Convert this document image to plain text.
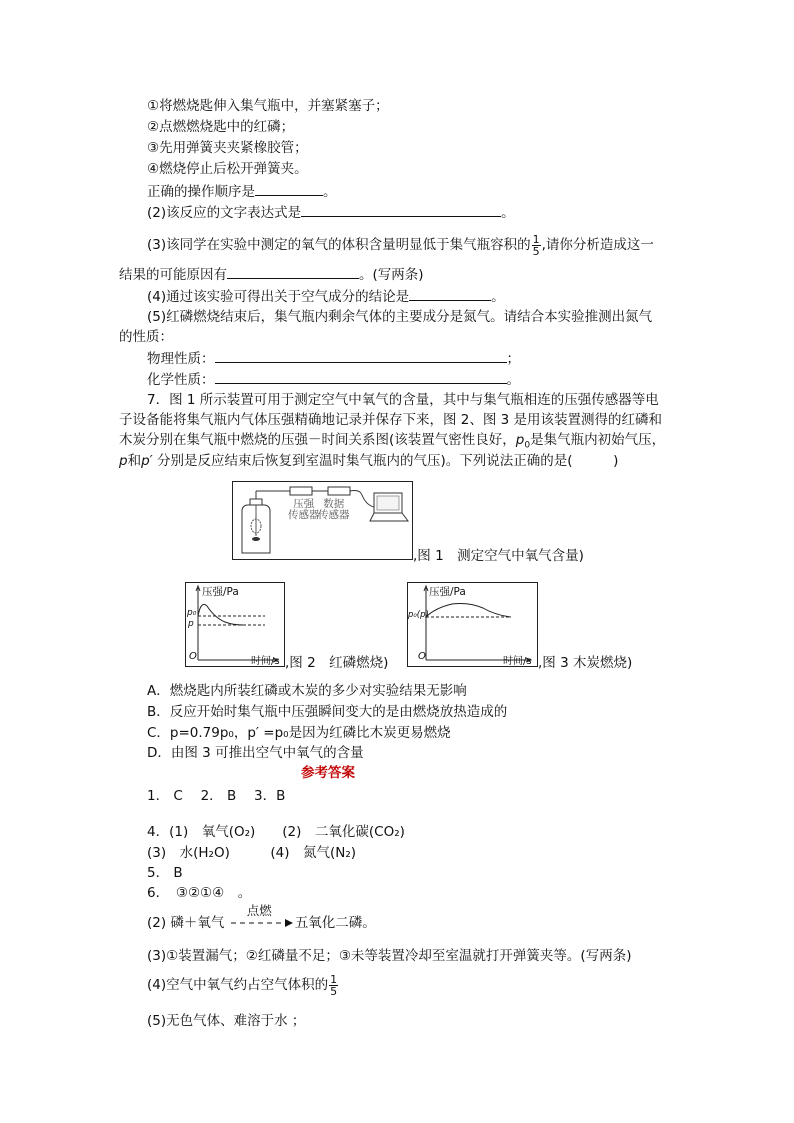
①将燃烧匙伸入集气瓶中，并塞紧塞子；
②点燃燃烧匙中的红磷；
③先用弹簧夹夹紧橡胶管；
④燃烧停止后松开弹簧夹。
正确的操作顺序是	。
(2)该反应的文字表达式是	。
(3)该同学在实验中测定的氧气的体积含量明显低于集气瓶容积的 $\frac{1}{5}$ ,请你分析造成这一
结果的可能原因有	。(写两条)
(4)通过该实验可得出关于空气成分的结论是	。
(5)红磷燃烧结束后，集气瓶内剩余气体的主要成分是氮气。请结合本实验推测出氮气
的性质：
物理性质：	；
化学性质：	。
7．图 1 所示装置可用于测定空气中氧气的含量，其中与集气瓶相连的压强传感器等电
子设备能将集气瓶内气体压强精确地记录并保存下来，图 2、图 3 是用该装置测得的红磷和
木炭分别在集气瓶中燃烧的压强－时间关系图(该装置气密性良好，$p_0$是集气瓶内初始气压，
p和p′ 分别是反应结束后恢复到室温时集气瓶内的气压)。下列说法正确的是(　　　	)
压强
传感器
数据
传感器
,图 1　测定空气中氧气含量)
压强/Pa
时间/s
O
p₀
p
,图 2　红磷燃烧)
压强/Pa
时间/s
O
p₀(p)
,图 3 木炭燃烧)
A．燃烧匙内所装红磷或木炭的多少对实验结果无影响
B．反应开始时集气瓶中压强瞬间变大的是由燃烧放热造成的
C．p=0.79p₀，p′ =p₀是因为红磷比木炭更易燃烧
D．由图 3 可推出空气中氧气的含量
参考答案
1． C　 2． B　 3．B
4．(1)　氧气(O₂)　　(2)　二氧化碳(CO₂)
(3)　水(H₂O)　　　(4)　氮气(N₂)
5． B
6．　③②①④　。
(2) 磷＋氧气
点燃
五氧化二磷。
(3)①装置漏气；②红磷量不足；③未等装置冷却至室温就打开弹簧夹等。(写两条)
(4)空气中氧气约占空气体积的 $\frac{1}{5}$
(5)无色气体、难溶于水 ；
